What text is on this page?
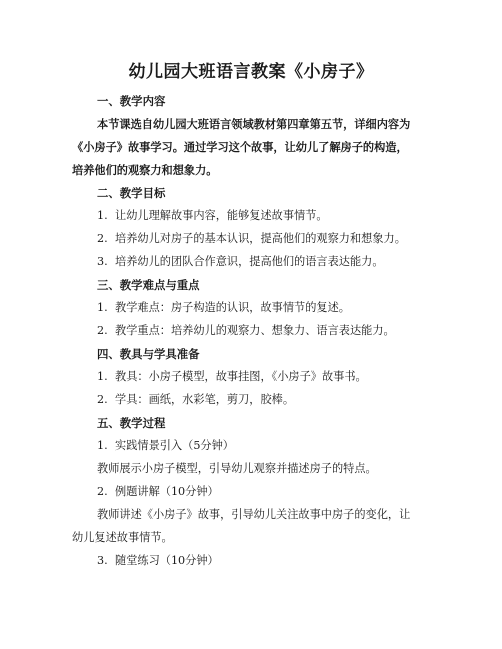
幼儿园大班语言教案《小房子》
一、教学内容
本节课选自幼儿园大班语言领域教材第四章第五节，详细内容为
《小房子》故事学习。通过学习这个故事，让幼儿了解房子的构造，
培养他们的观察力和想象力。
二、教学目标
1. 让幼儿理解故事内容，能够复述故事情节。
2. 培养幼儿对房子的基本认识，提高他们的观察力和想象力。
3. 培养幼儿的团队合作意识，提高他们的语言表达能力。
三、教学难点与重点
1. 教学难点：房子构造的认识，故事情节的复述。
2. 教学重点：培养幼儿的观察力、想象力、语言表达能力。
四、教具与学具准备
1. 教具：小房子模型，故事挂图，《小房子》故事书。
2. 学具：画纸，水彩笔，剪刀，胶棒。
五、教学过程
1. 实践情景引入（5分钟）
教师展示小房子模型，引导幼儿观察并描述房子的特点。
2. 例题讲解（10分钟）
教师讲述《小房子》故事，引导幼儿关注故事中房子的变化，让
幼儿复述故事情节。
3. 随堂练习（10分钟）
